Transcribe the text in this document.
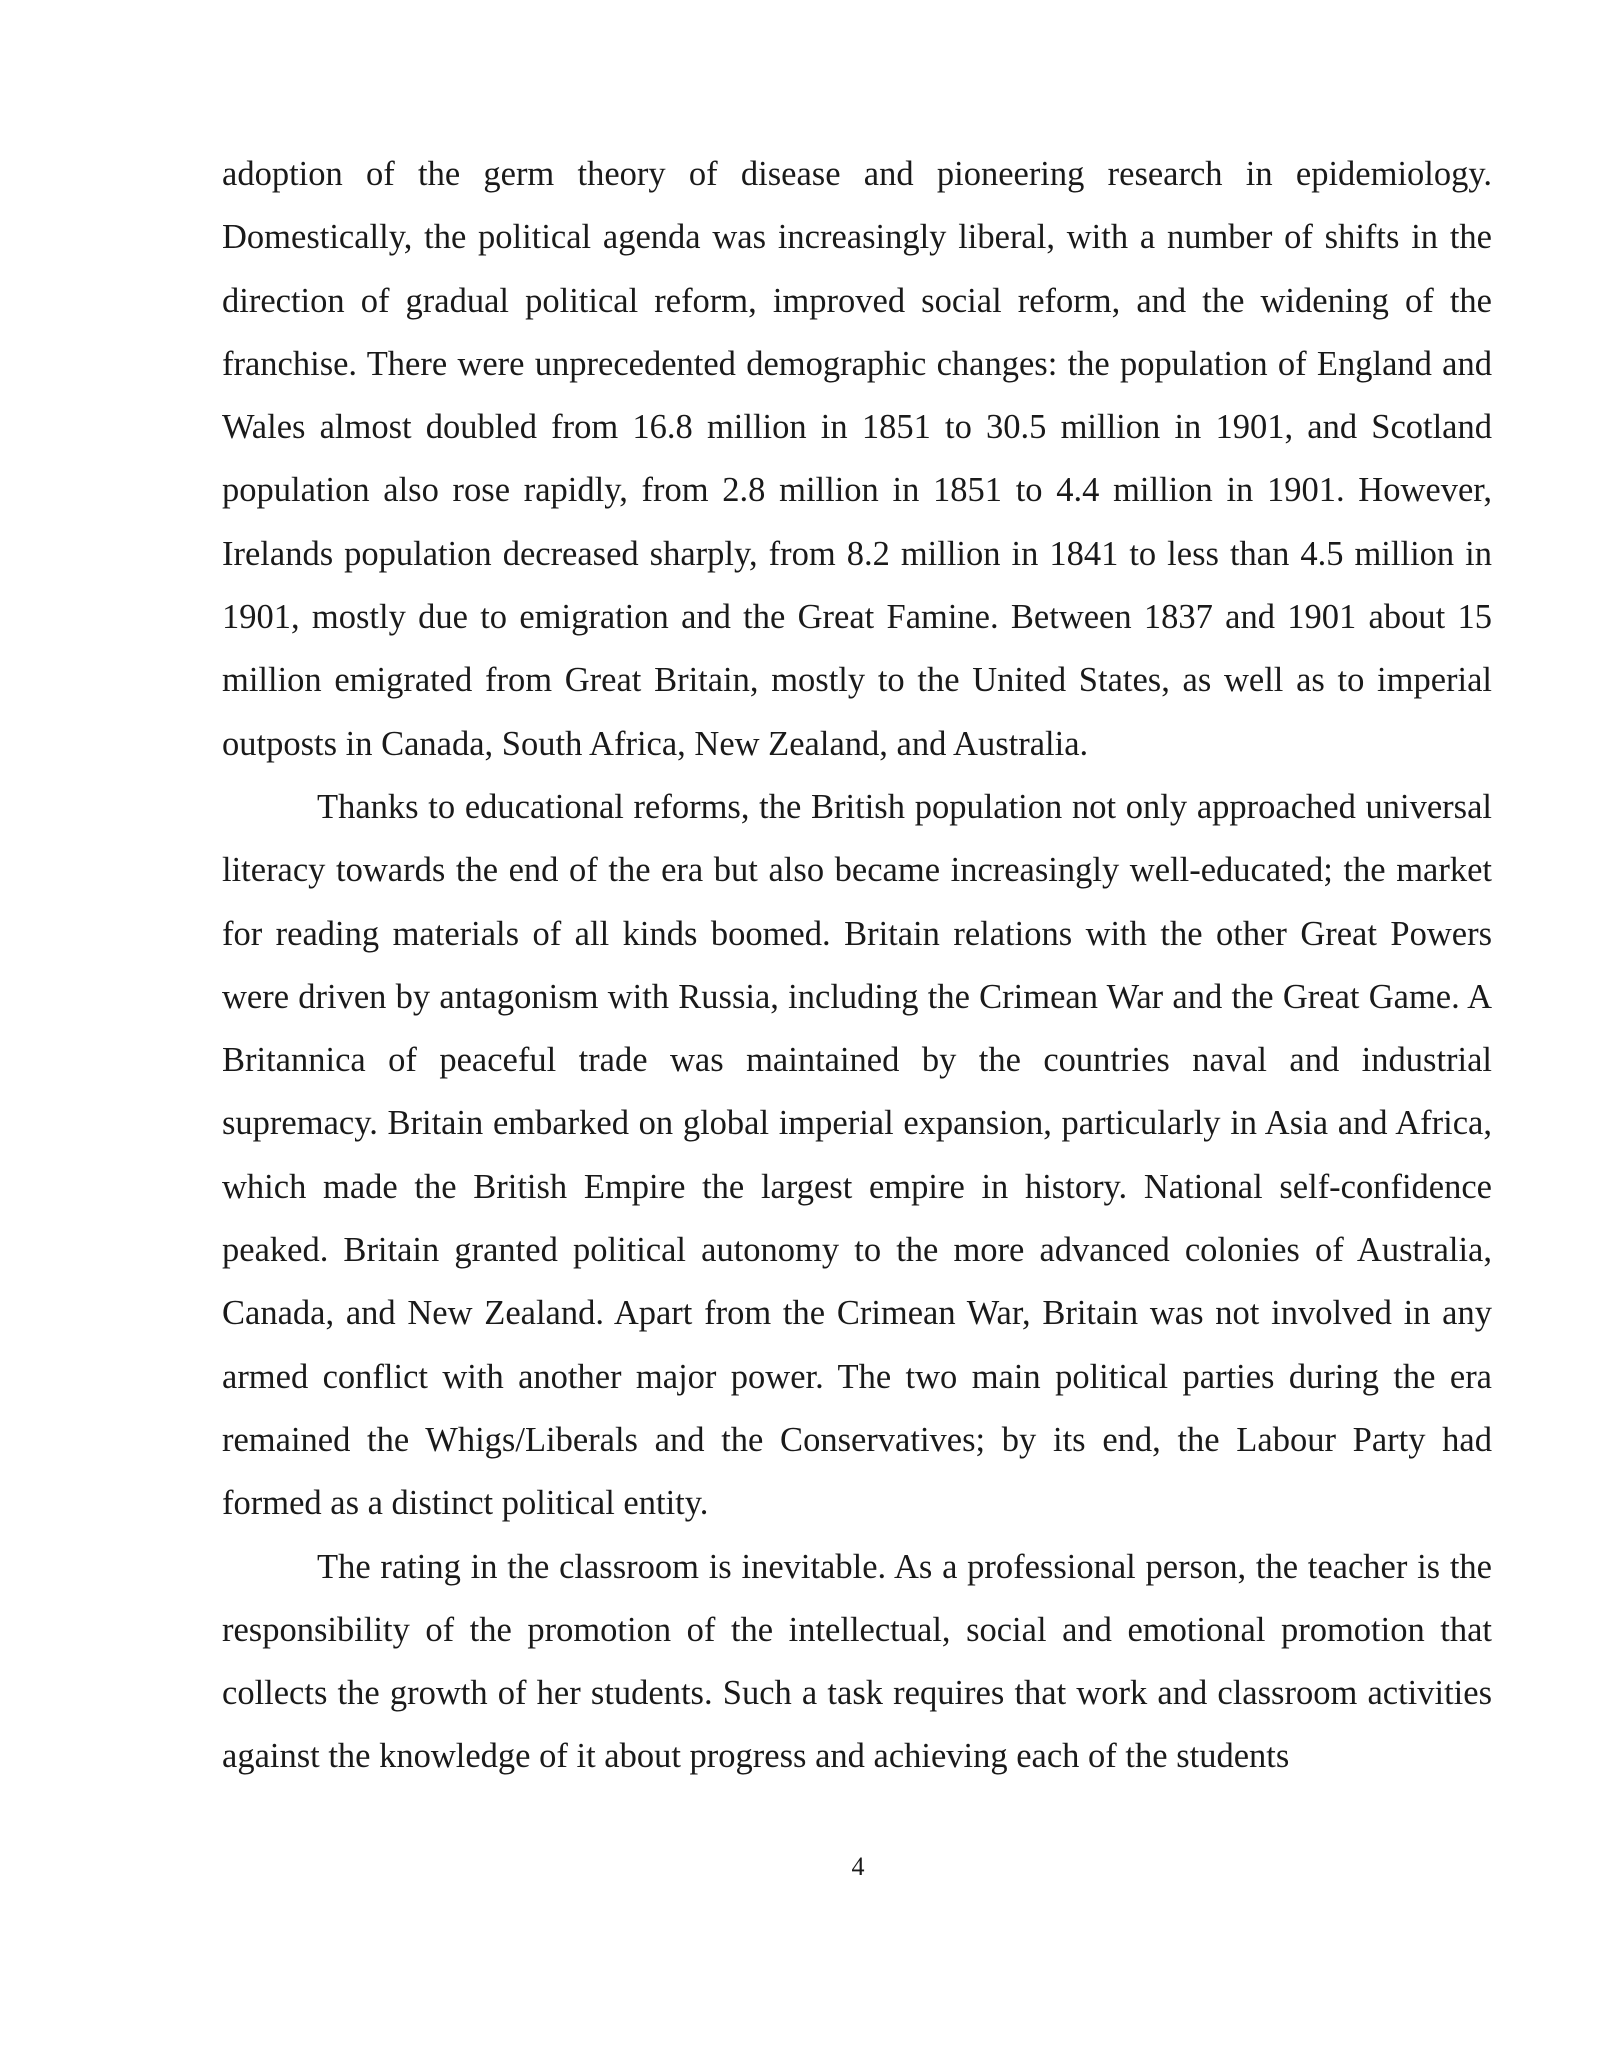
adoption of the germ theory of disease and pioneering research in epidemiology. Domestically, the political agenda was increasingly liberal, with a number of shifts in the direction of gradual political reform, improved social reform, and the widening of the franchise. There were unprecedented demographic changes: the population of England and Wales almost doubled from 16.8 million in 1851 to 30.5 million in 1901, and Scotland population also rose rapidly, from 2.8 million in 1851 to 4.4 million in 1901. However, Irelands population decreased sharply, from 8.2 million in 1841 to less than 4.5 million in 1901, mostly due to emigration and the Great Famine. Between 1837 and 1901 about 15 million emigrated from Great Britain, mostly to the United States, as well as to imperial outposts in Canada, South Africa, New Zealand, and Australia.

Thanks to educational reforms, the British population not only approached universal literacy towards the end of the era but also became increasingly well-educated; the market for reading materials of all kinds boomed. Britain relations with the other Great Powers were driven by antagonism with Russia, including the Crimean War and the Great Game. A Britannica of peaceful trade was maintained by the countries naval and industrial supremacy. Britain embarked on global imperial expansion, particularly in Asia and Africa, which made the British Empire the largest empire in history. National self-confidence peaked. Britain granted political autonomy to the more advanced colonies of Australia, Canada, and New Zealand. Apart from the Crimean War, Britain was not involved in any armed conflict with another major power. The two main political parties during the era remained the Whigs/Liberals and the Conservatives; by its end, the Labour Party had formed as a distinct political entity.

The rating in the classroom is inevitable. As a professional person, the teacher is the responsibility of the promotion of the intellectual, social and emotional promotion that collects the growth of her students. Such a task requires that work and classroom activities against the knowledge of it about progress and achieving each of the students

4
